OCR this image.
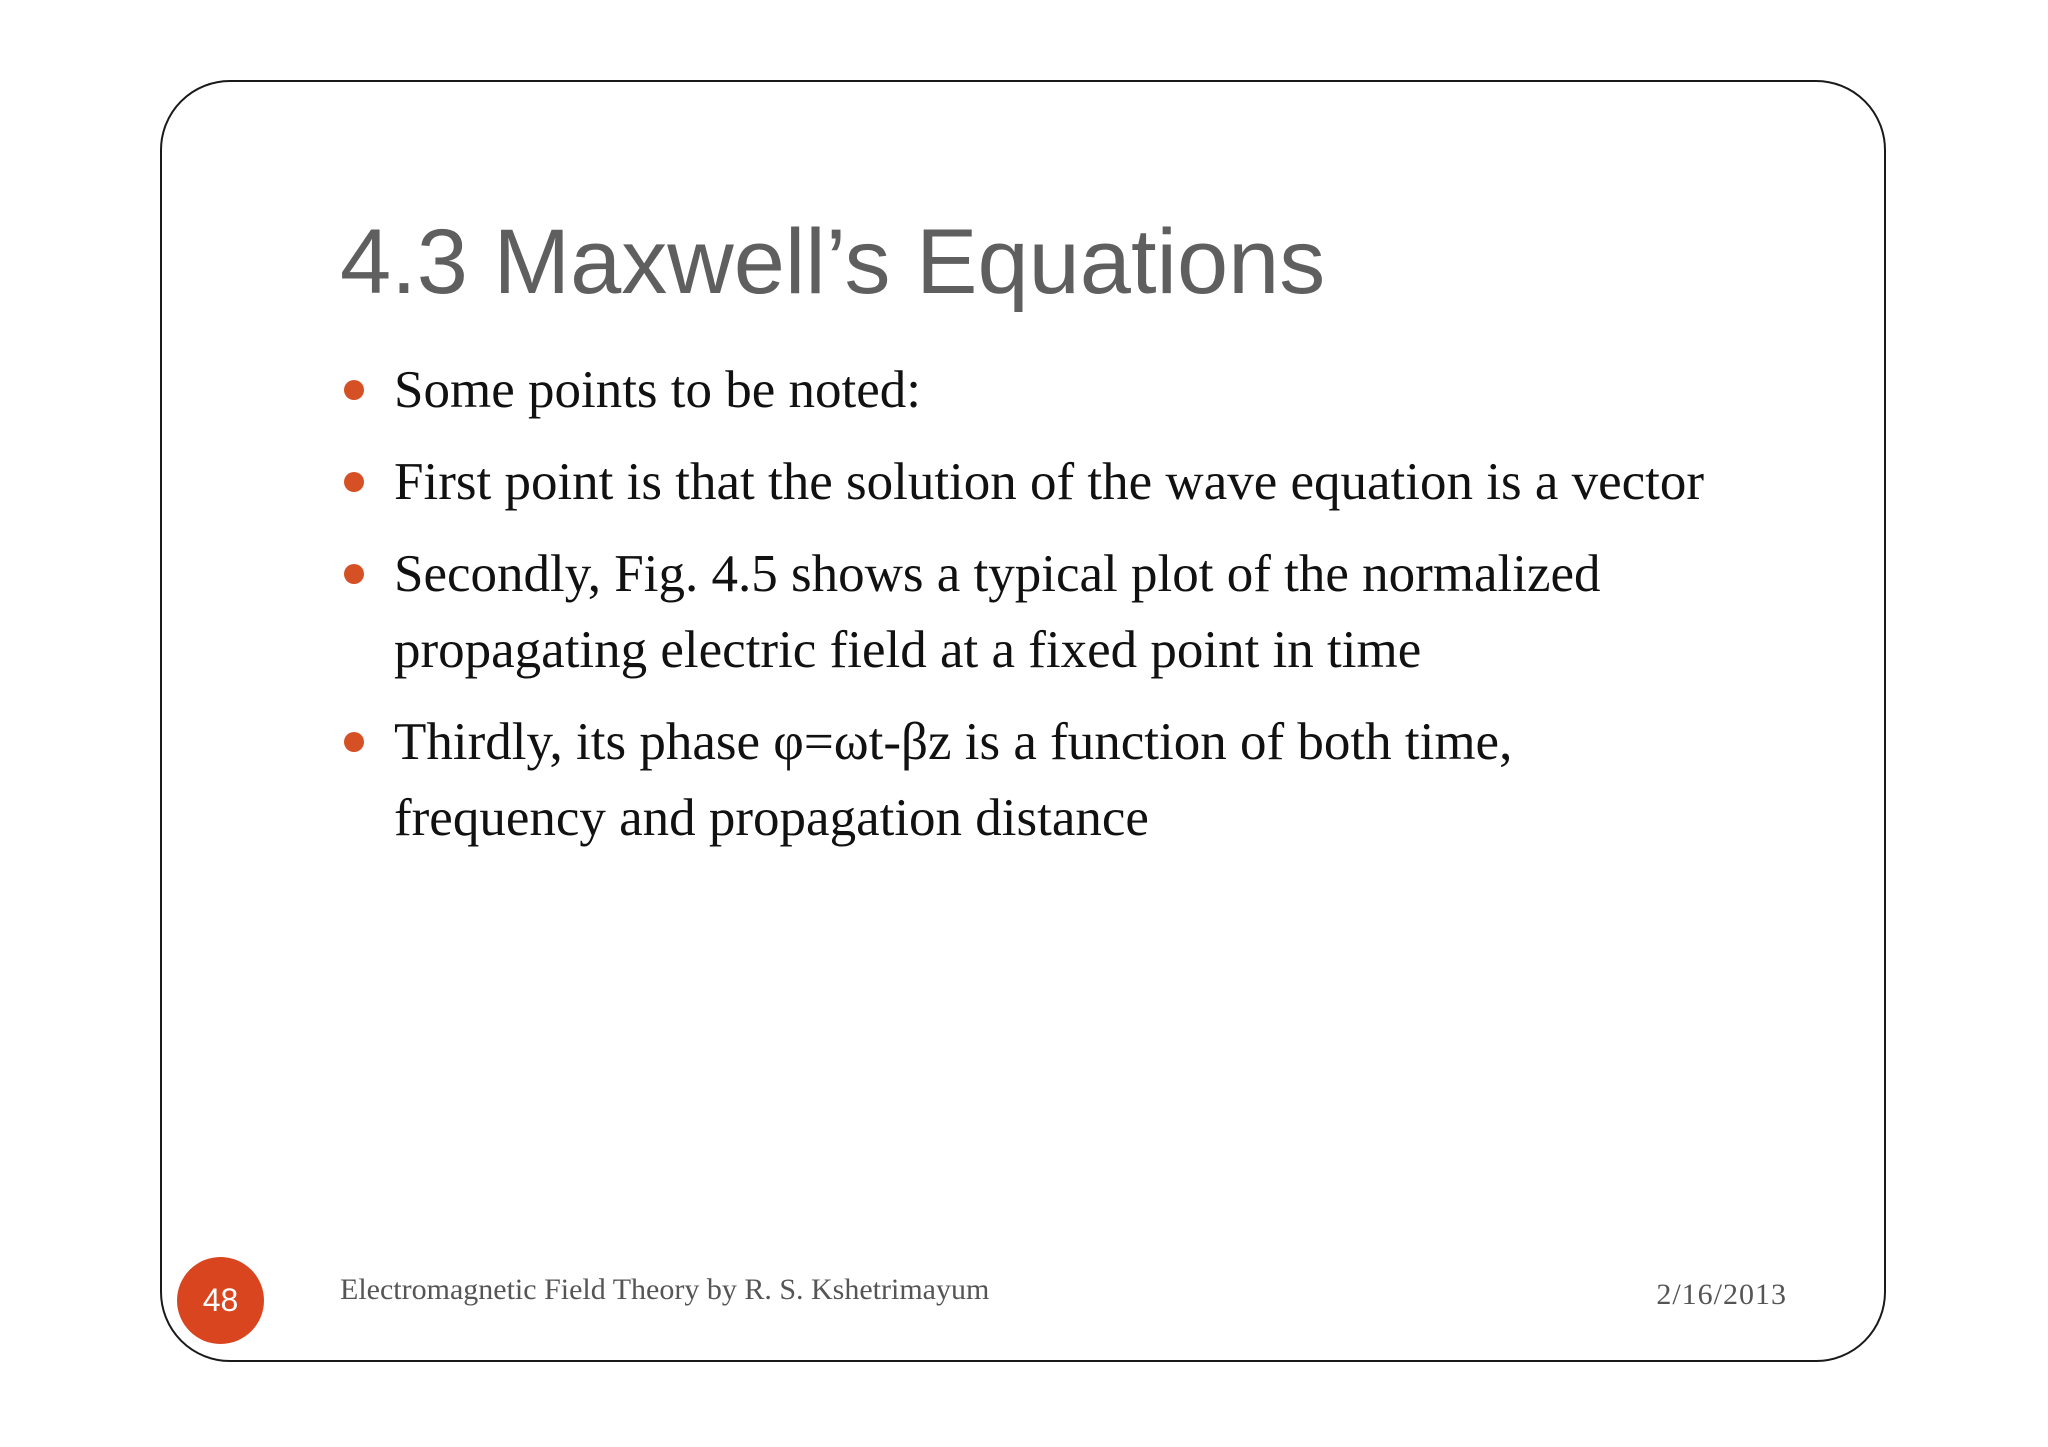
4.3 Maxwell’s Equations
Some points to be noted:
First point is that the solution of the wave equation is a vector
Secondly, Fig. 4.5 shows a typical plot of the normalized propagating electric field at a fixed point in time
Thirdly, its phase φ=ωt-βz is a function of both time, frequency and propagation distance
48	Electromagnetic Field Theory by R. S. Kshetrimayum	2/16/2013
